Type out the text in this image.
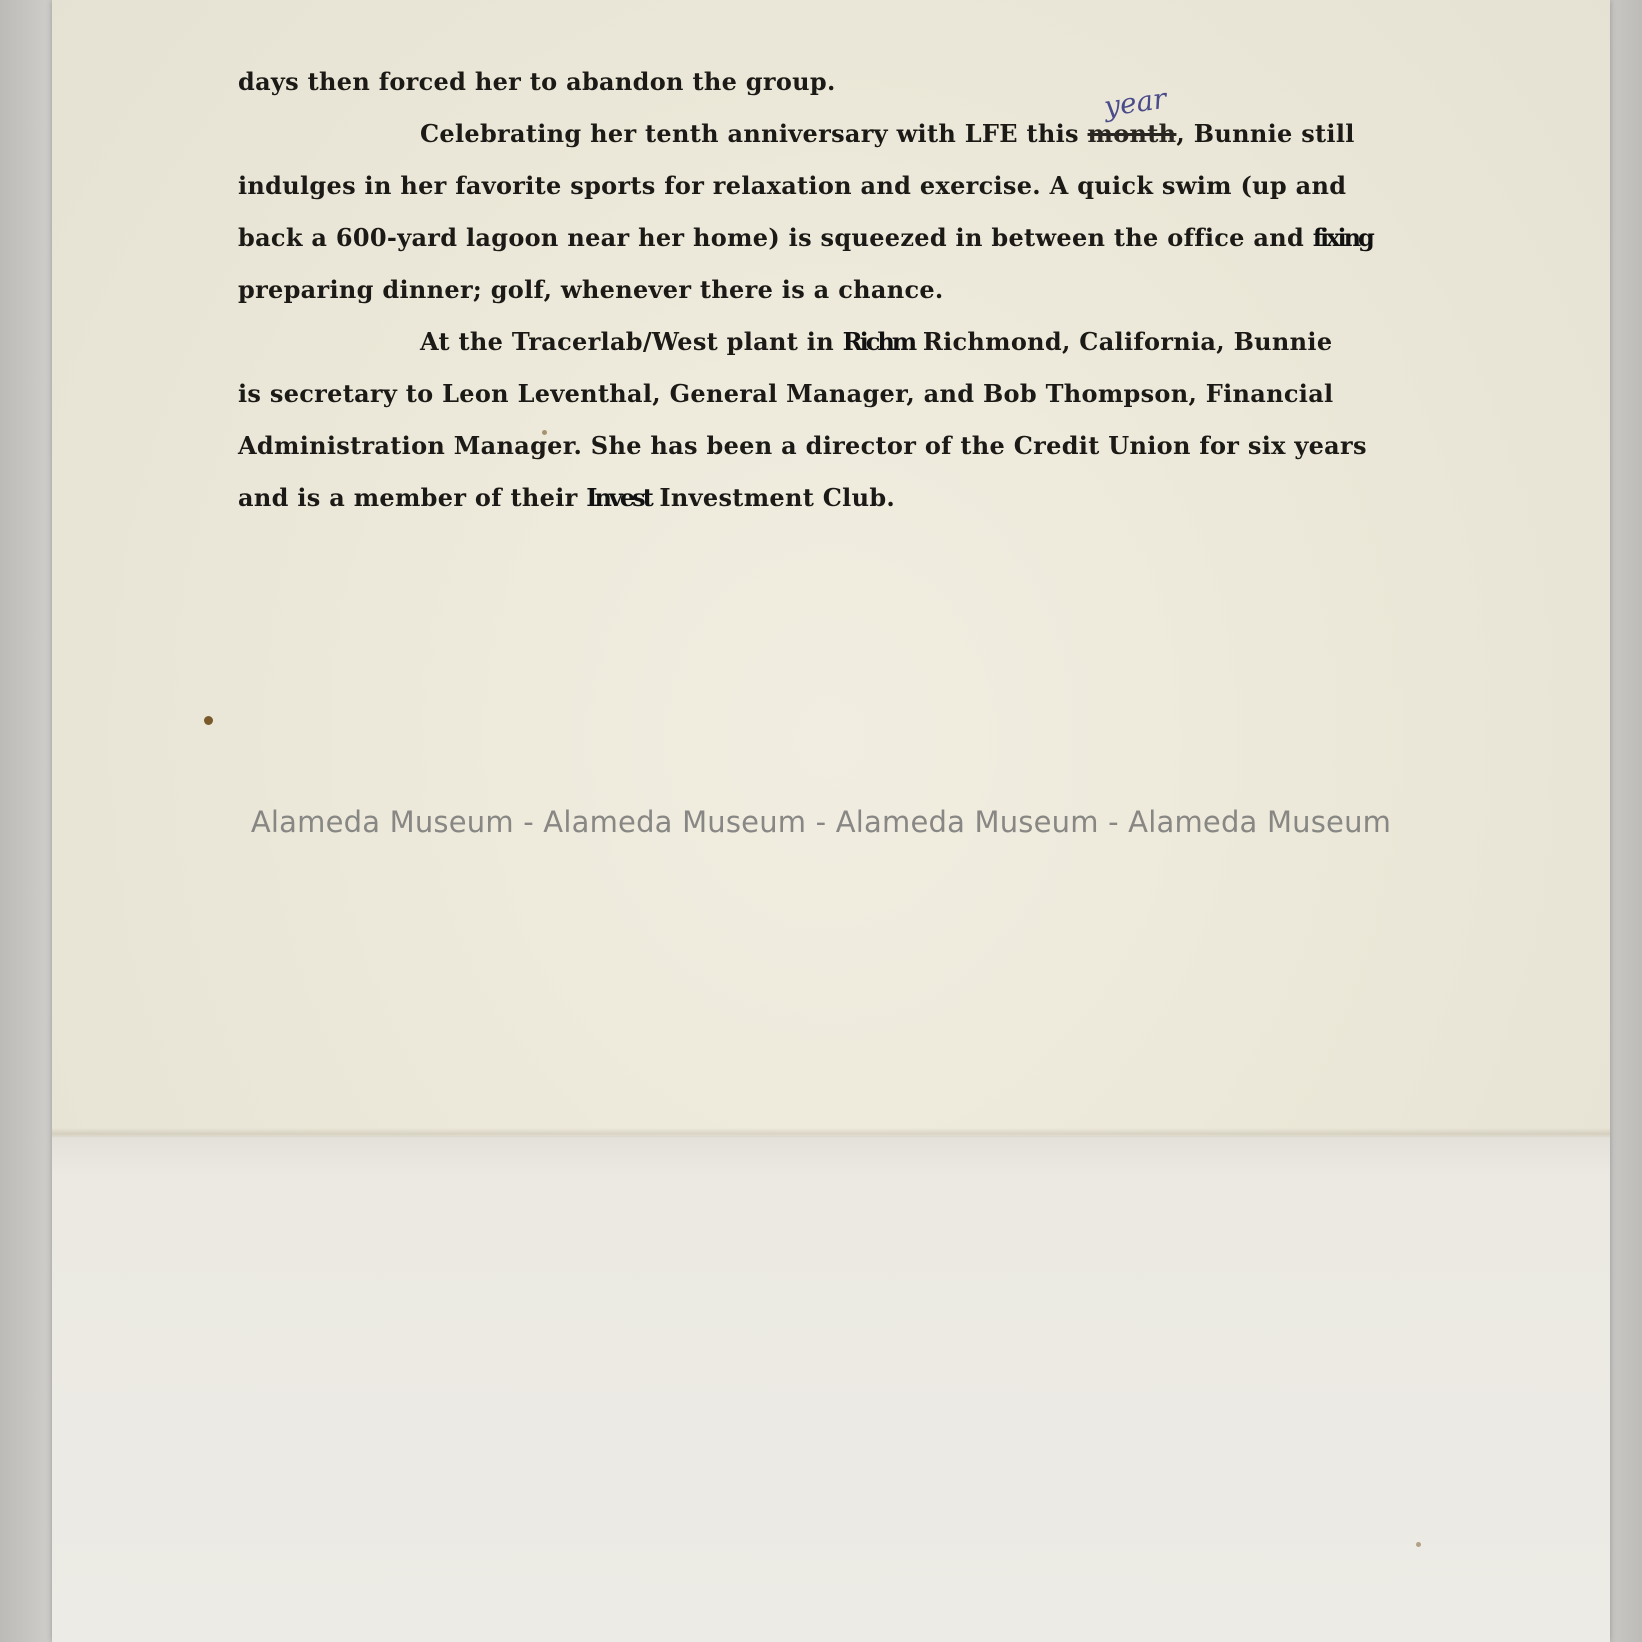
year
days then forced her to abandon the group.
Celebrating her tenth anniversary with LFE this month, Bunnie still
indulges in her favorite sports for relaxation and exercise. A quick swim (up and
back a 600-yard lagoon near her home) is squeezed in between the office and fixing
preparing dinner; golf, whenever there is a chance.
At the Tracerlab/West plant in Richm Richmond, California, Bunnie
is secretary to Leon Leventhal, General Manager, and Bob Thompson, Financial
Administration Manager. She has been a director of the Credit Union for six years
and is a member of their Invest Investment Club.
Alameda Museum - Alameda Museum - Alameda Museum - Alameda Museum
